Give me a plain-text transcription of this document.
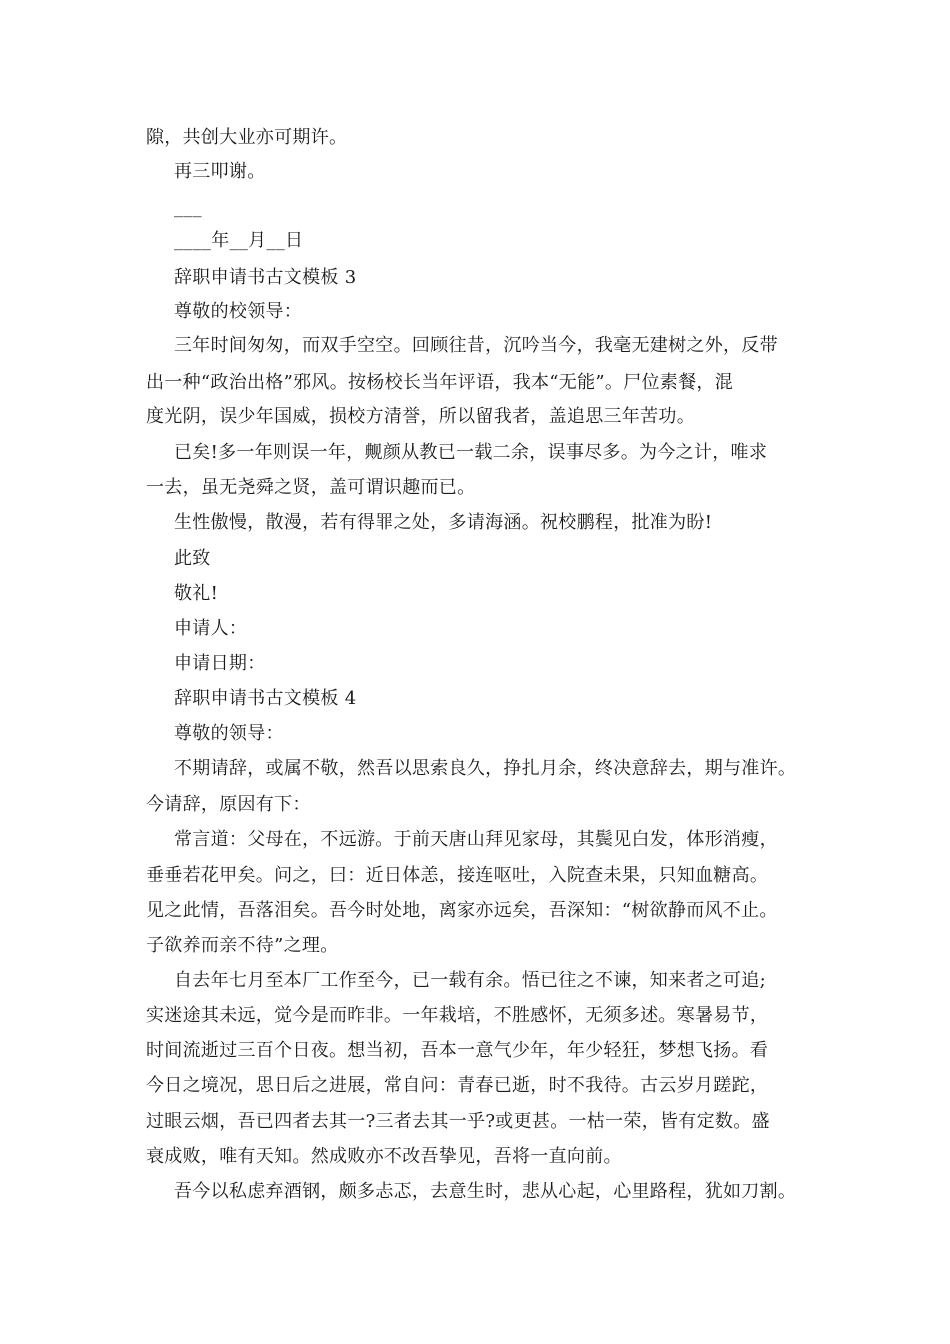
隙，共创大业亦可期许。
再三叩谢。
___
____年__月__日
辞职申请书古文模板 3
尊敬的校领导：
三年时间匆匆，而双手空空。回顾往昔，沉吟当今，我毫无建树之外，反带
出一种“政治出格”邪风。按杨校长当年评语，我本“无能”。尸位素餐，混
度光阴，误少年国威，损校方清誉，所以留我者，盖追思三年苦功。
已矣!多一年则误一年，觍颜从教已一载二余，误事尽多。为今之计，唯求
一去，虽无尧舜之贤，盖可谓识趣而已。
生性傲慢，散漫，若有得罪之处，多请海涵。祝校鹏程，批准为盼!
此致
敬礼!
申请人：
申请日期：
辞职申请书古文模板 4
尊敬的领导：
不期请辞，或属不敬，然吾以思索良久，挣扎月余，终决意辞去，期与准许。
今请辞，原因有下：
常言道：父母在，不远游。于前天唐山拜见家母，其鬓见白发，体形消瘦，
垂垂若花甲矣。问之，曰：近日体恙，接连呕吐，入院查未果，只知血糖高。
见之此情，吾落泪矣。吾今时处地，离家亦远矣，吾深知：“树欲静而风不止。
子欲养而亲不待”之理。
自去年七月至本厂工作至今，已一载有余。悟已往之不谏，知来者之可追;
实迷途其未远，觉今是而昨非。一年栽培，不胜感怀，无须多述。寒暑易节，
时间流逝过三百个日夜。想当初，吾本一意气少年，年少轻狂，梦想飞扬。看
今日之境况，思日后之进展，常自问：青春已逝，时不我待。古云岁月蹉跎，
过眼云烟，吾已四者去其一?三者去其一乎?或更甚。一枯一荣，皆有定数。盛
衰成败，唯有天知。然成败亦不改吾挚见，吾将一直向前。
吾今以私虑弃酒钢，颇多忐忑，去意生时，悲从心起，心里路程，犹如刀割。
